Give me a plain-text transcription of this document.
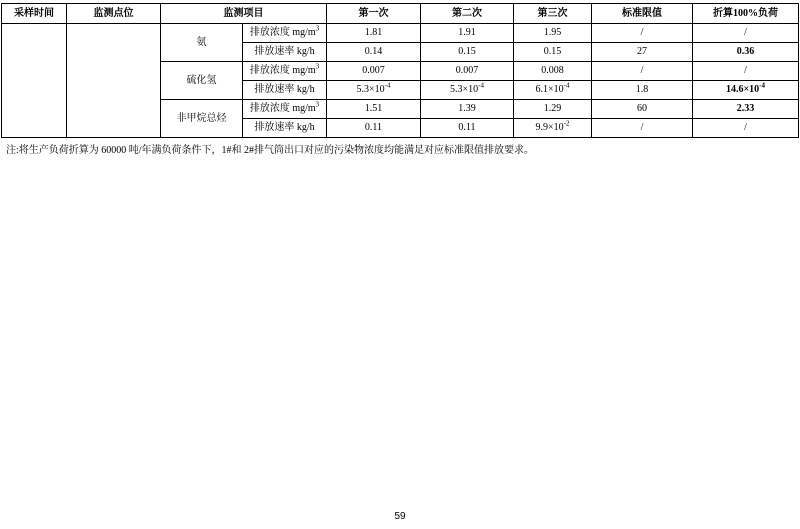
采样时间	监测点位	监测项目		第一次	第二次	第三次	标准限值	折算100%负荷	
		氨	排放浓度 $mg/m^3$	1.81	1.91	1.95	/	/	
			排放速率 kg/h	0.14	0.15	0.15	27	0.36	
		硫化氢	排放浓度 $mg/m^3$	0.007	0.007	0.008	/	/	
			排放速率 kg/h	$5.3\times 10^{-4}$	$5.3\times 10^{-4}$	$6.1\times 10^{-4}$	1.8	$14.6\times 10^{-4}$	
		非甲烷总烃	排放浓度 $mg/m^3$	1.51	1.39	1.29	60	2.33	
			排放速率 kg/h	0.11	0.11	$9.9\times 10^{-2}$	/	/	
注:将生产负荷折算为 60000 吨/年满负荷条件下，1#和 2#排气筒出口对应的污染物浓度均能满足对应标准限值排放要求。
59
